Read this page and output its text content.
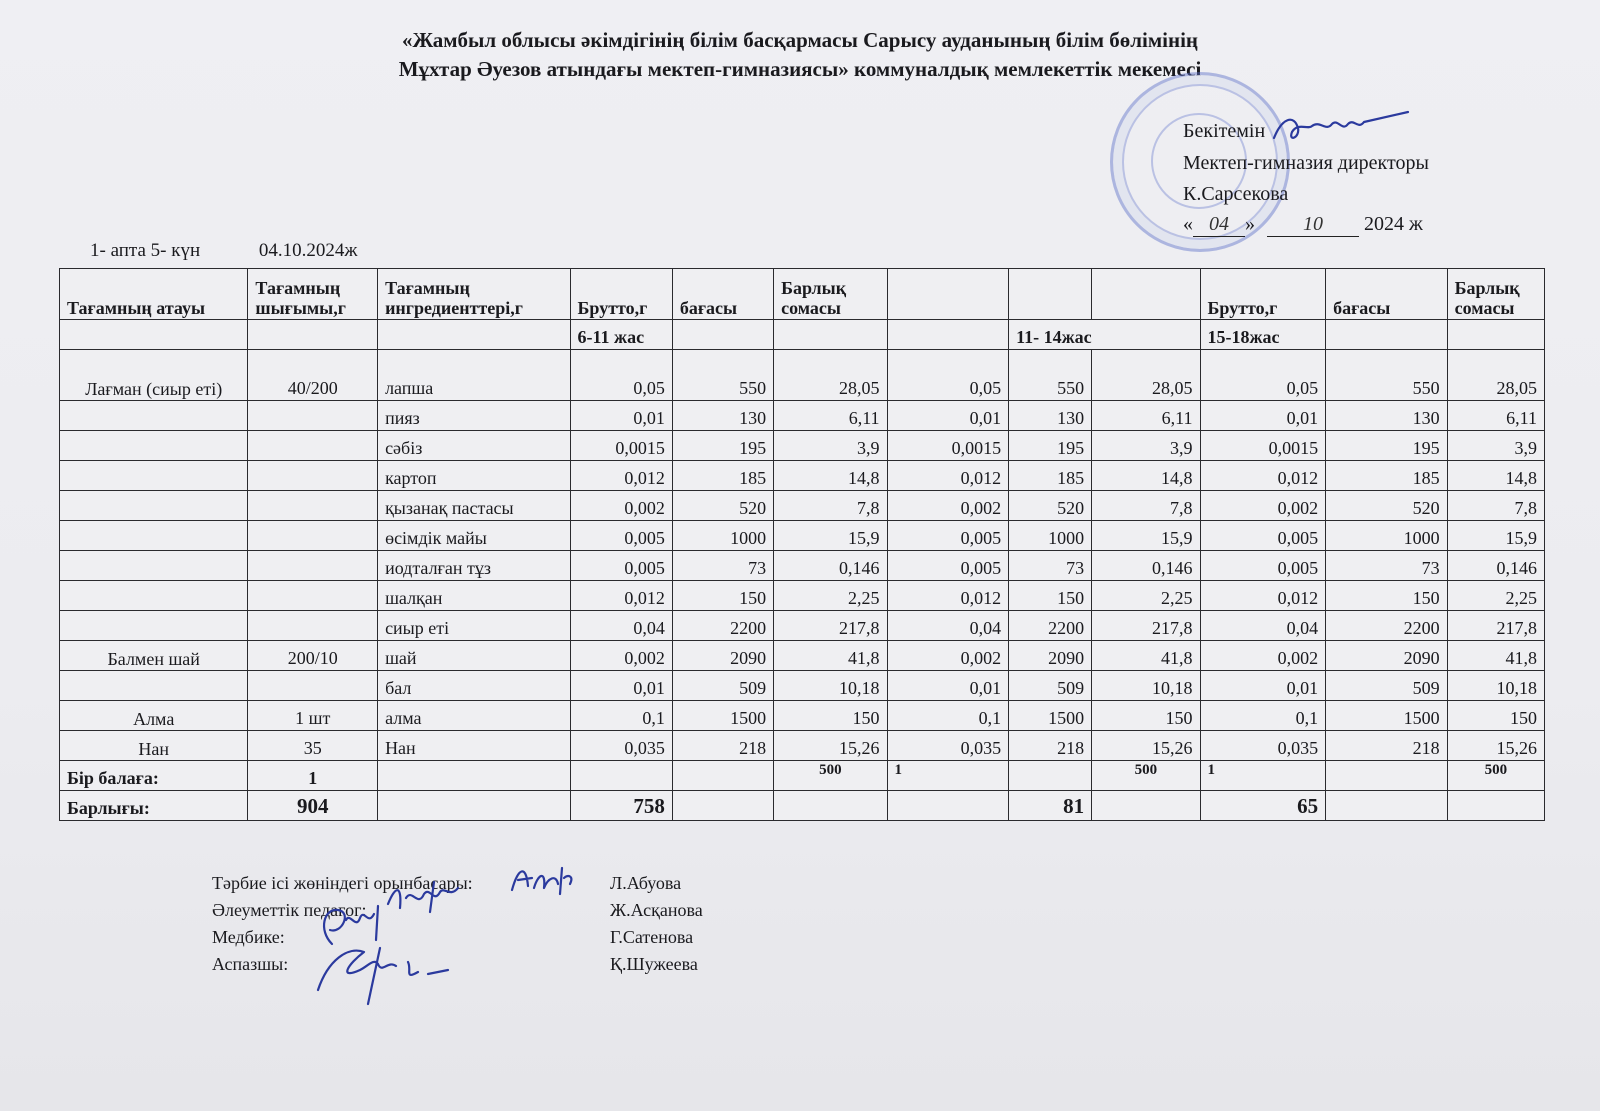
«Жамбыл облысы әкімдігінің білім басқармасы Сарысу ауданының білім бөлімінің
Мұхтар Әуезов атындағы мектеп-гимназиясы» коммуналдық мемлекеттік мекемесі
Бекітемін
Мектеп-гимназия директоры
К.Сарсекова
« 04 » 10 2024 ж
1- апта 5- күн	04.10.2024ж
Тағамның атауы	Тағамның шығымы,г	Тағамның ингредиенттері,г	Брутто,г	бағасы	Барлық сомасы				Брутто,г	бағасы	Барлық сомасы
			6-11 жас				11- 14жас		15-18жас		
Лағман (сиыр еті)	40/200	лапша	0,05	550	28,05	0,05	550	28,05	0,05	550	28,05
		пияз	0,01	130	6,11	0,01	130	6,11	0,01	130	6,11
		сәбіз	0,0015	195	3,9	0,0015	195	3,9	0,0015	195	3,9
		картоп	0,012	185	14,8	0,012	185	14,8	0,012	185	14,8
		қызанақ пастасы	0,002	520	7,8	0,002	520	7,8	0,002	520	7,8
		өсімдік майы	0,005	1000	15,9	0,005	1000	15,9	0,005	1000	15,9
		иодталған тұз	0,005	73	0,146	0,005	73	0,146	0,005	73	0,146
		шалқан	0,012	150	2,25	0,012	150	2,25	0,012	150	2,25
		сиыр еті	0,04	2200	217,8	0,04	2200	217,8	0,04	2200	217,8
Балмен шай	200/10	шай	0,002	2090	41,8	0,002	2090	41,8	0,002	2090	41,8
		бал	0,01	509	10,18	0,01	509	10,18	0,01	509	10,18
Алма	1 шт	алма	0,1	1500	150	0,1	1500	150	0,1	1500	150
Нан	35	Нан	0,035	218	15,26	0,035	218	15,26	0,035	218	15,26
Бір балаға:	1				500	1		500	1		500
Барлығы:	904		758				81		65		
Тәрбие ісі жөніндегі орынбасары:	Л.Абуова
Әлеуметтік педагог:	Ж.Асқанова
Медбике:	Г.Сатенова
Аспазшы:	Қ.Шужеева
